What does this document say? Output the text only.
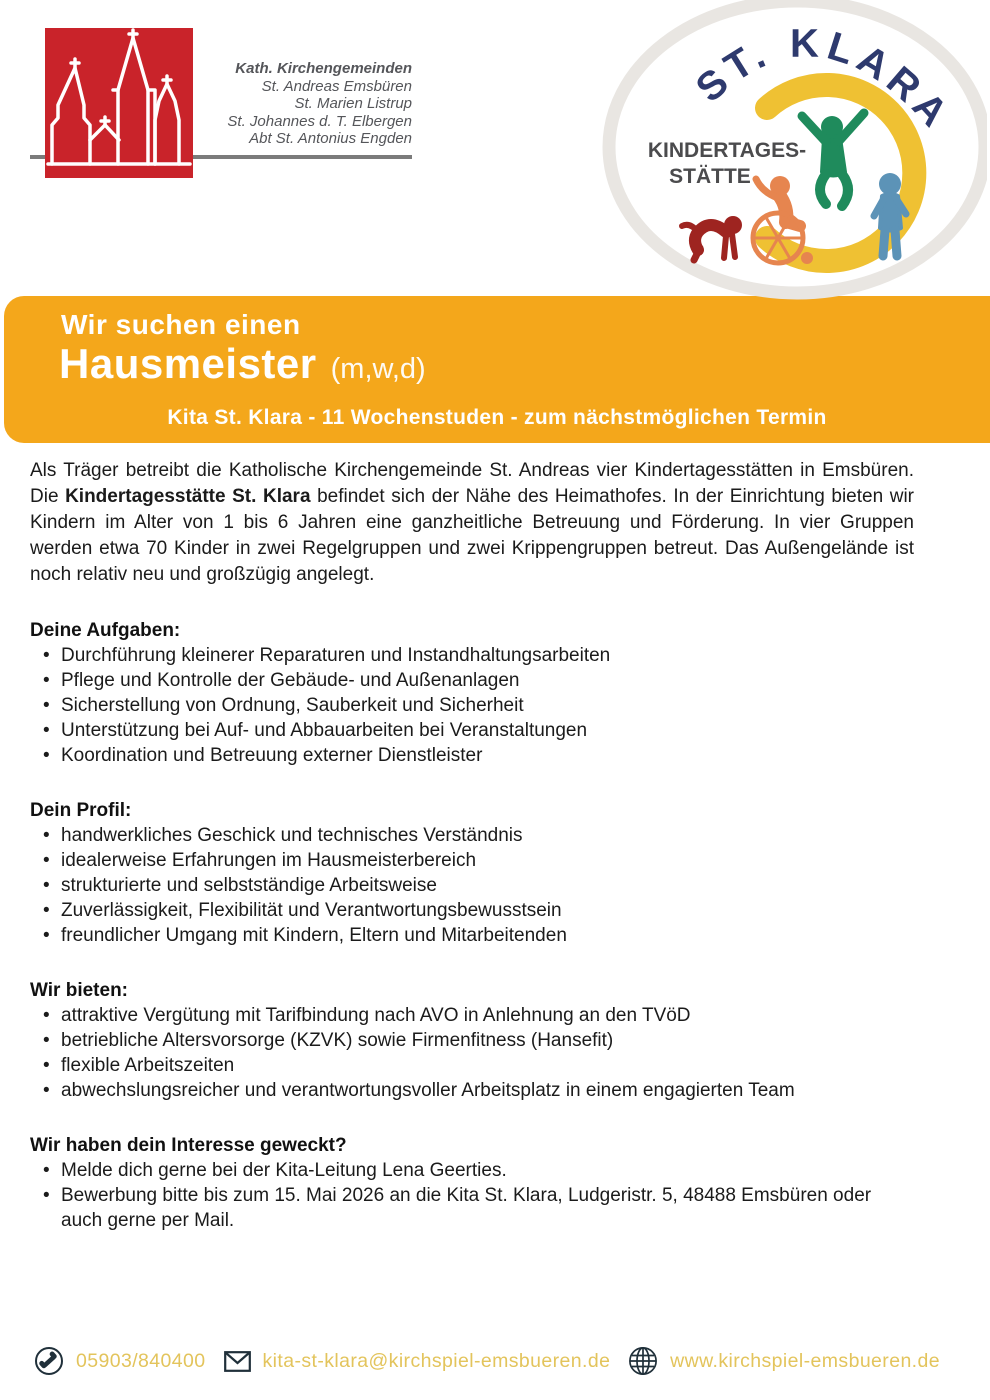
Kath. Kirchengemeinden
St. Andreas Emsbüren
St. Marien Listrup
St. Johannes d. T. Elbergen
Abt St. Antonius Engden
ST. KLARA
KINDERTAGES-
STÄTTE
Wir suchen einen
Hausmeister (m,w,d)
Kita St. Klara - 11 Wochenstuden - zum nächstmöglichen Termin

Als Träger betreibt die Katholische Kirchengemeinde St. Andreas vier Kindertagesstätten in Emsbüren. Die Kindertagesstätte St. Klara befindet sich der Nähe des Heimathofes. In der Einrichtung bieten wir Kindern im Alter von 1 bis 6 Jahren eine ganzheitliche Betreuung und Förderung. In vier Gruppen werden etwa 70 Kinder in zwei Regelgruppen und zwei Krippengruppen betreut. Das Außengelände ist noch relativ neu und großzügig angelegt.

Deine Aufgaben:
• Durchführung kleinerer Reparaturen und Instandhaltungsarbeiten
• Pflege und Kontrolle der Gebäude- und Außenanlagen
• Sicherstellung von Ordnung, Sauberkeit und Sicherheit
• Unterstützung bei Auf- und Abbauarbeiten bei Veranstaltungen
• Koordination und Betreuung externer Dienstleister
Dein Profil:
• handwerkliches Geschick und technisches Verständnis
• idealerweise Erfahrungen im Hausmeisterbereich
• strukturierte und selbstständige Arbeitsweise
• Zuverlässigkeit, Flexibilität und Verantwortungsbewusstsein
• freundlicher Umgang mit Kindern, Eltern und Mitarbeitenden
Wir bieten:
• attraktive Vergütung mit Tarifbindung nach AVO in Anlehnung an den TVöD
• betriebliche Altersvorsorge (KZVK) sowie Firmenfitness (Hansefit)
• flexible Arbeitszeiten
• abwechslungsreicher und verantwortungsvoller Arbeitsplatz in einem engagierten Team
Wir haben dein Interesse geweckt?
• Melde dich gerne bei der Kita-Leitung Lena Geerties.
• Bewerbung bitte bis zum 15. Mai 2026 an die Kita St. Klara, Ludgeristr. 5, 48488 Emsbüren oder auch gerne per Mail.
05903/840400	kita-st-klara@kirchspiel-emsbueren.de	www.kirchspiel-emsbueren.de
